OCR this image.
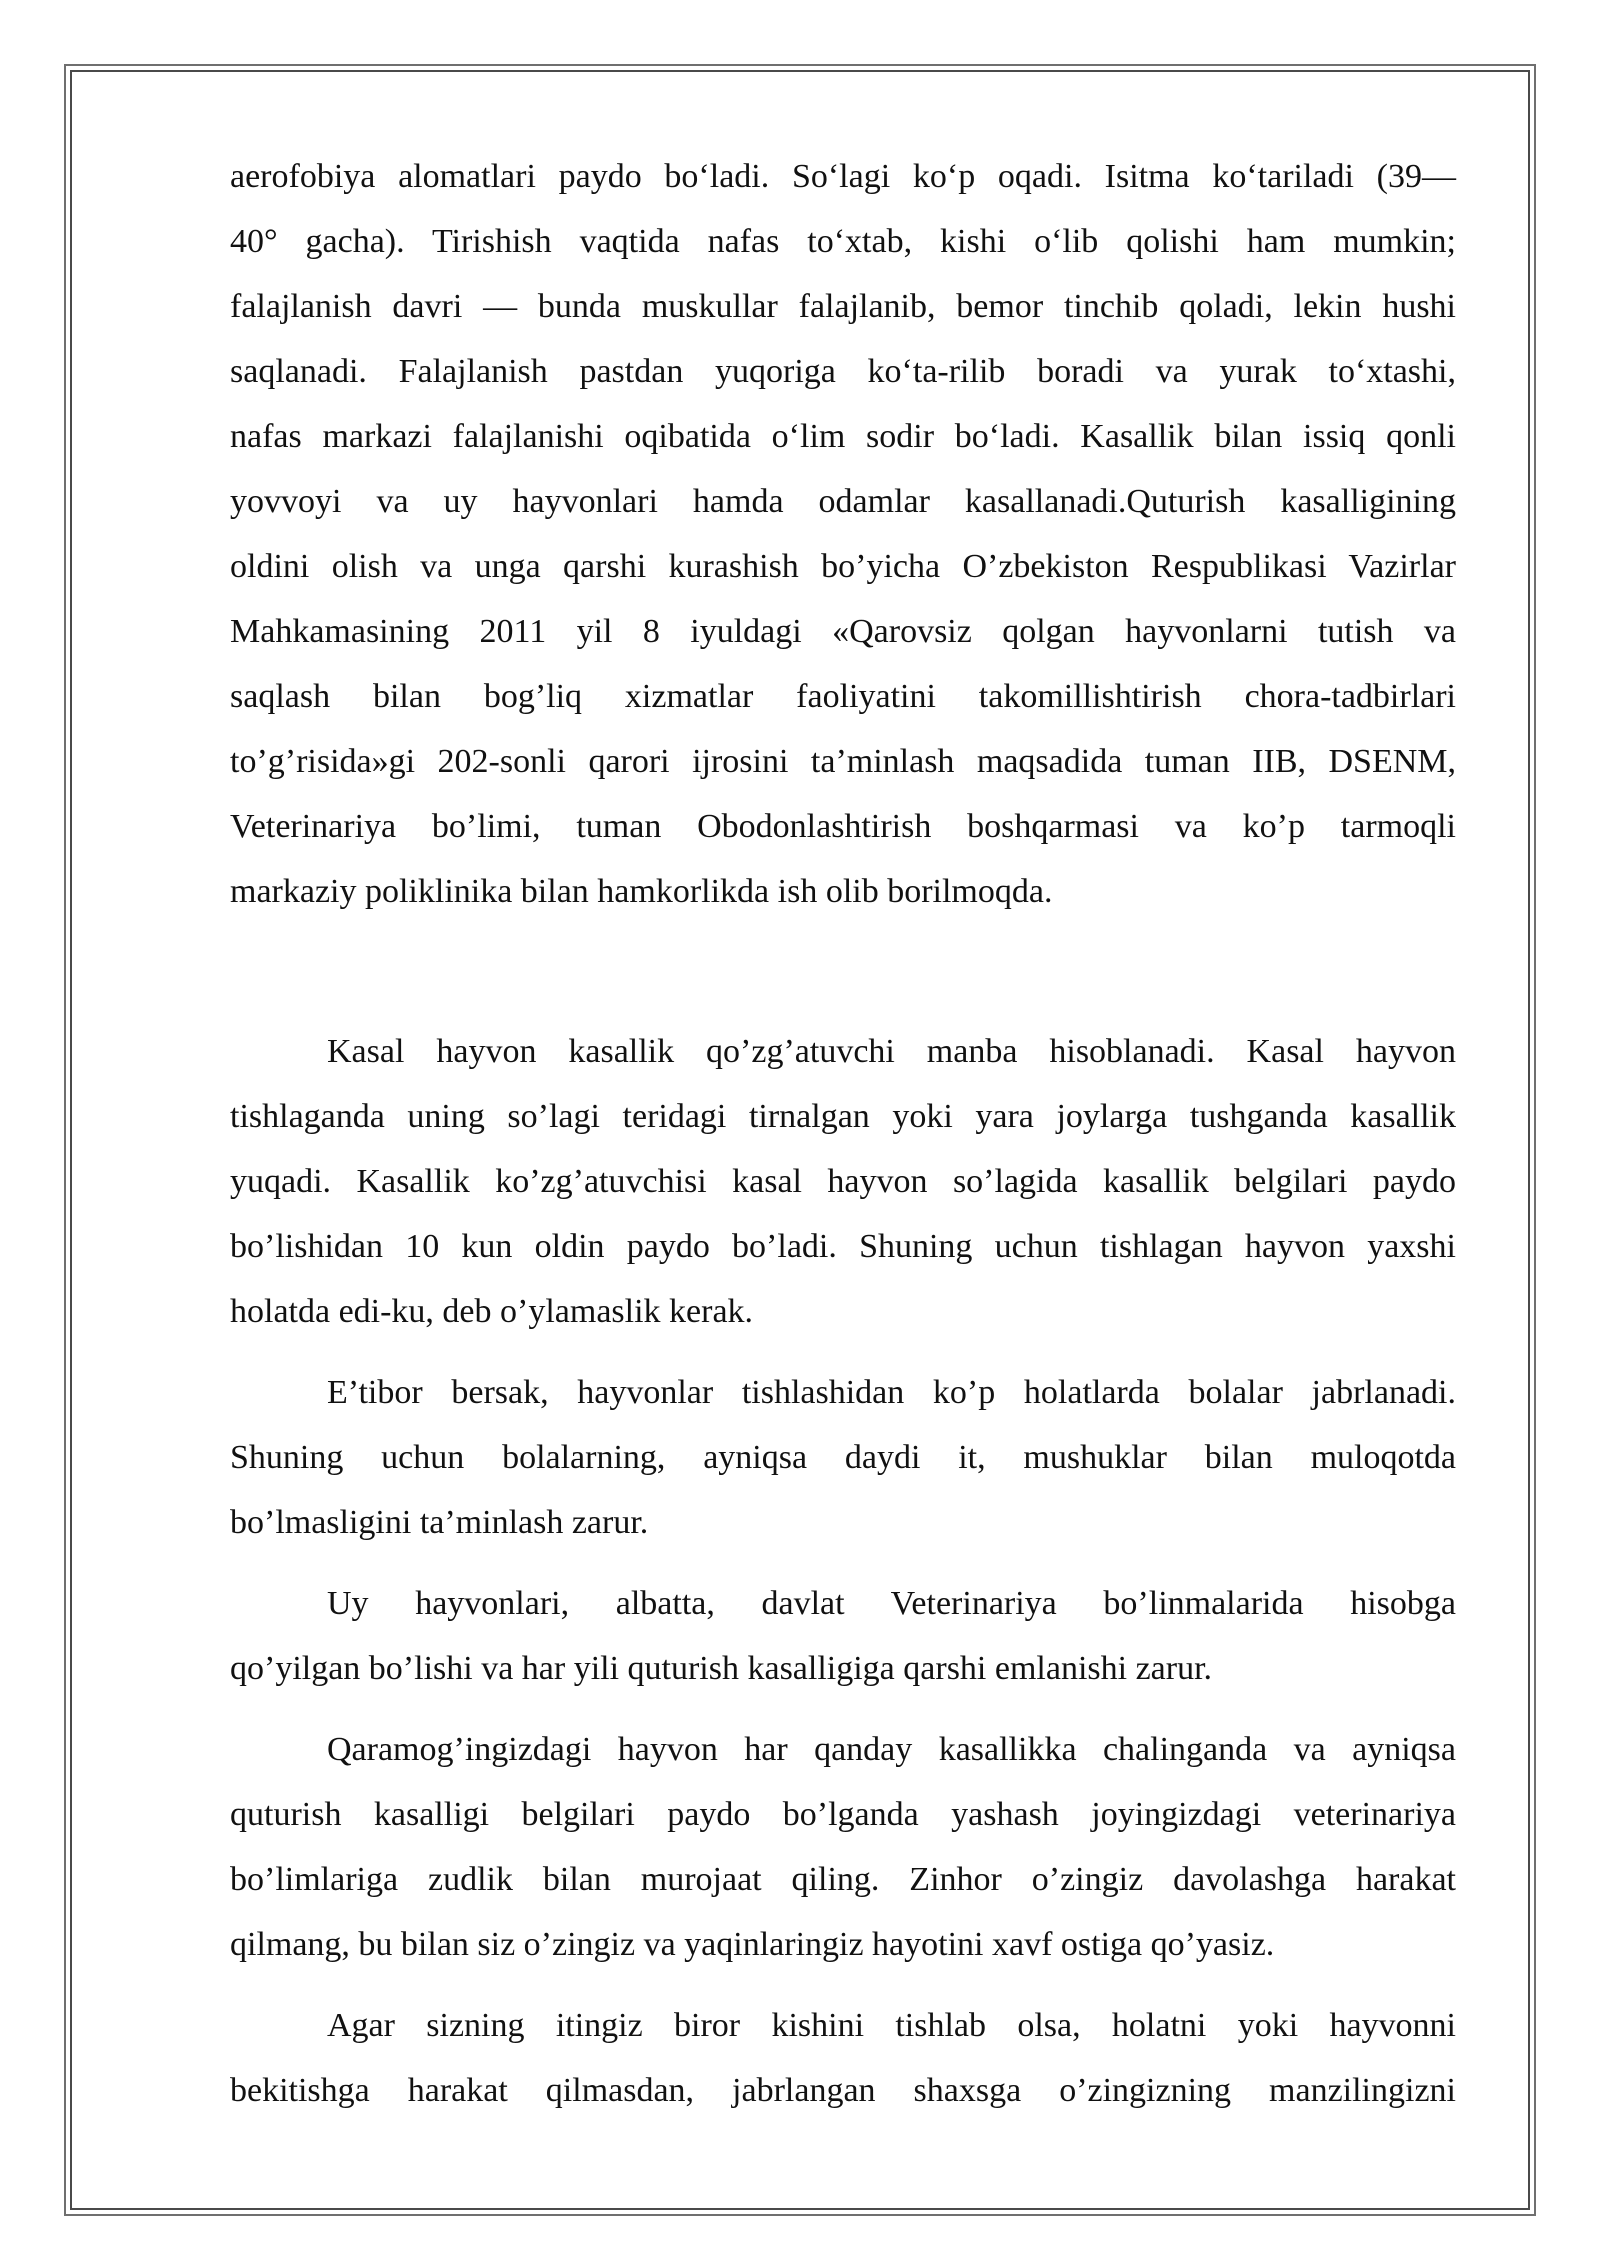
aerofobiya alomatlari paydo bo‘ladi. So‘lagi ko‘p oqadi. Isitma ko‘tariladi (39—
40° gacha). Tirishish vaqtida nafas to‘xtab, kishi o‘lib qolishi ham mumkin;
falajlanish davri — bunda muskullar falajlanib, bemor tinchib qoladi, lekin hushi
saqlanadi. Falajlanish pastdan yuqoriga ko‘ta-rilib boradi va yurak to‘xtashi,
nafas markazi falajlanishi oqibatida o‘lim sodir bo‘ladi. Kasallik bilan issiq qonli
yovvoyi va uy hayvonlari hamda odamlar kasallanadi.Quturish kasalligining
oldini olish va unga qarshi kurashish bo’yicha O’zbekiston Respublikasi Vazirlar
Mahkamasining 2011 yil 8 iyuldagi «Qarovsiz qolgan hayvonlarni tutish va
saqlash bilan bog’liq xizmatlar faoliyatini takomillishtirish chora-tadbirlari
to’g’risida»gi 202-sonli qarori ijrosini ta’minlash maqsadida tuman IIB, DSENM,
Veterinariya bo’limi, tuman Obodonlashtirish boshqarmasi va ko’p tarmoqli
markaziy poliklinika bilan hamkorlikda ish olib borilmoqda.
Kasal hayvon kasallik qo’zg’atuvchi manba hisoblanadi. Kasal hayvon
tishlaganda uning so’lagi teridagi tirnalgan yoki yara joylarga tushganda kasallik
yuqadi. Kasallik ko’zg’atuvchisi kasal hayvon so’lagida kasallik belgilari paydo
bo’lishidan 10 kun oldin paydo bo’ladi. Shuning uchun tishlagan hayvon yaxshi
holatda edi-ku, deb o’ylamaslik kerak.
E’tibor bersak, hayvonlar tishlashidan ko’p holatlarda bolalar jabrlanadi.
Shuning uchun bolalarning, ayniqsa daydi it, mushuklar bilan muloqotda
bo’lmasligini ta’minlash zarur.
Uy hayvonlari, albatta, davlat Veterinariya bo’linmalarida hisobga
qo’yilgan bo’lishi va har yili quturish kasalligiga qarshi emlanishi zarur.
Qaramog’ingizdagi hayvon har qanday kasallikka chalinganda va ayniqsa
quturish kasalligi belgilari paydo bo’lganda yashash joyingizdagi veterinariya
bo’limlariga zudlik bilan murojaat qiling. Zinhor o’zingiz davolashga harakat
qilmang, bu bilan siz o’zingiz va yaqinlaringiz hayotini xavf ostiga qo’yasiz.
Agar sizning itingiz biror kishini tishlab olsa, holatni yoki hayvonni
bekitishga harakat qilmasdan, jabrlangan shaxsga o’zingizning manzilingizni
